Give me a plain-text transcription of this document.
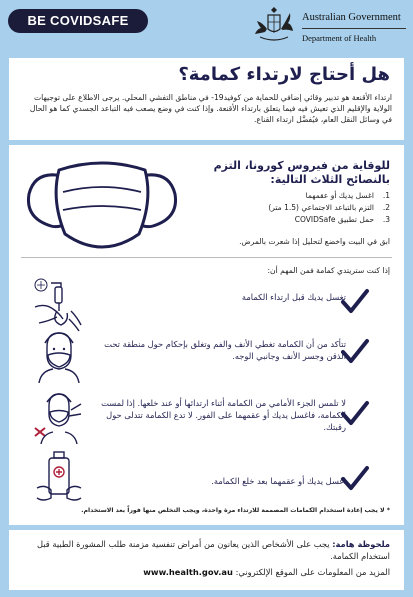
BE COVIDSAFE	Australian Government
Department of Health
هل أحتاج لارتداء كمامة؟
ارتداء الأقنعة هو تدبير وقائي إضافي للحماية من كوفيد19- في مناطق التفشي المحلي. يرجى الاطلاع على توجيهات الولاية والإقليم الذي تعيش فيه فيما يتعلق بارتداء الأقنعة. وإذا كنت في وضع يصعب فيه التباعد الجسدي كما هو الحال في وسائل النقل العام، فيُفضَّل ارتداء القناع.
للوقاية من فيروس كورونا، التزم بالنصائح الثلاث التالية:
1.اغسل يديك أو عقمهما
2.التزم بالتباعد الاجتماعي (1.5 متر)
3.حمل تطبيق COVIDSafe
ابق في البيت واخضع لتحليل إذا شعرت بالمرض.
إذا كنت ستريتدي كمامة فمن المهم أن:
تغسل يديك قبل ارتداء الكمامة
تتأكد من أن الكمامة تغطي الأنف والفم وتغلق بإحكام حول منطقة تحت الذقن وجسر الأنف وجانبي الوجه.
لا تلمس الجزء الأمامي من الكمامة أثناء ارتدائها أو عند خلعها. إذا لمست الكمامة، فاغسل يديك أو عقمهما على الفور. لا تدع الكمامة تتدلى حول رقبتك.
اغسل يديك أو عقمهما بعد خلع الكمامة.
* لا يجب إعادة استخدام الكمامات المصممة للارتداء مرة واحدة، ويجب التخلص منها فوراً بعد الاستخدام.
ملحوظة هامة: يجب على الأشخاص الذين يعانون من أمراض تنفسية مزمنة طلب المشورة الطبية قبل استخدام الكمامة.
المزيد من المعلومات على الموقع الإلكتروني: www.health.gov.au
